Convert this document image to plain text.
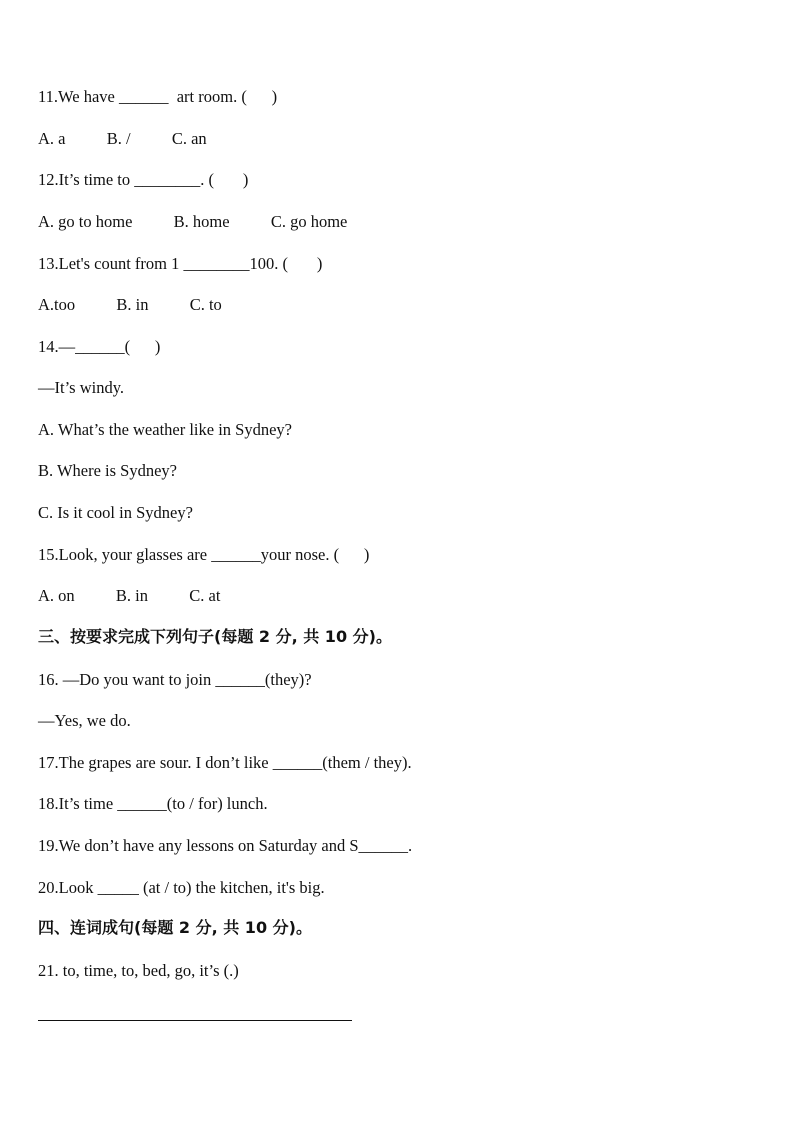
11.We have ______  art room. (      )
A. a          B. /          C. an
12.It’s time to ________. (       )
A. go to home          B. home          C. go home
13.Let's count from 1 ________100. (       )
A.too          B. in          C. to
14.—______(      )
—It’s windy.
A. What’s the weather like in Sydney?
B. Where is Sydney?
C. Is it cool in Sydney?
15.Look, your glasses are ______your nose. (      )
A. on          B. in          C. at
三、按要求完成下列句子(每题 2 分, 共 10 分)。
16. —Do you want to join ______(they)?
—Yes, we do.
17.The grapes are sour. I don’t like ______(them / they).
18.It’s time ______(to / for) lunch.
19.We don’t have any lessons on Saturday and S______.
20.Look _____ (at / to) the kitchen, it's big.
四、连词成句(每题 2 分, 共 10 分)。
21. to, time, to, bed, go, it’s (.)
